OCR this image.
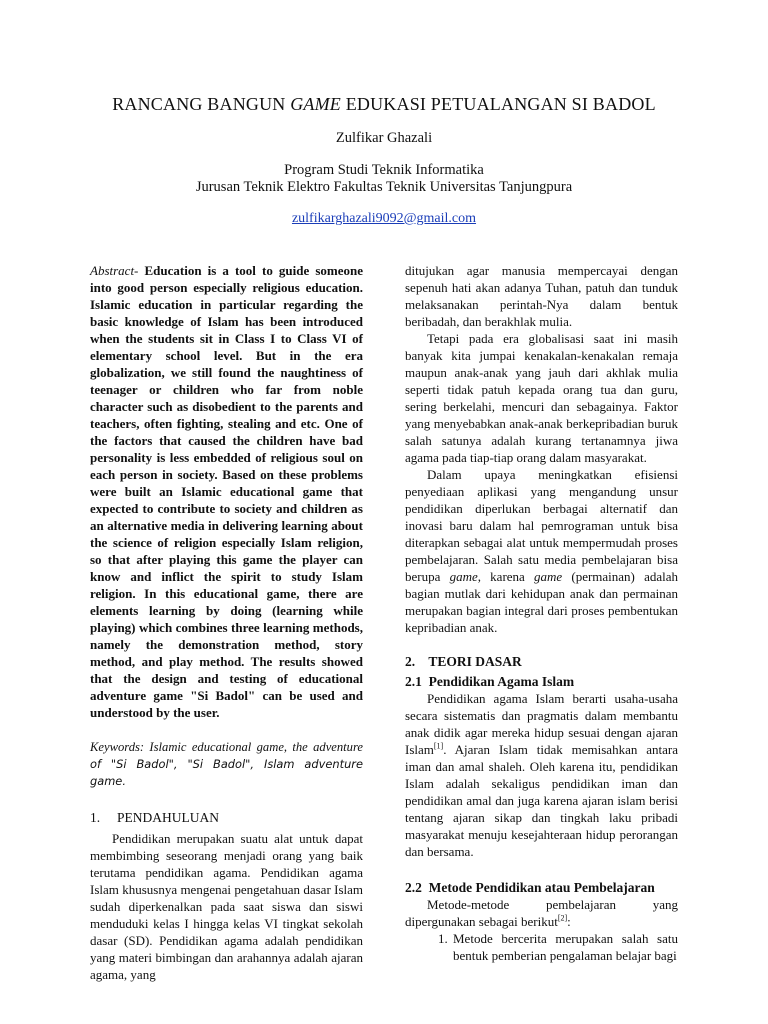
RANCANG BANGUN GAME EDUKASI PETUALANGAN SI BADOL
Zulfikar Ghazali
Program Studi Teknik Informatika
Jurusan Teknik Elektro Fakultas Teknik Universitas Tanjungpura
zulfikarghazali9092@gmail.com

Abstract- Education is a tool to guide someone into good person especially religious education. Islamic education in particular regarding the basic knowledge of Islam has been introduced when the students sit in Class I to Class VI of elementary school level. But in the era globalization, we still found the naughtiness of teenager or children who far from noble character such as disobedient to the parents and teachers, often fighting, stealing and etc. One of the factors that caused the children have bad personality is less embedded of religious soul on each person in society. Based on these problems were built an Islamic educational game that expected to contribute to society and children as an alternative media in delivering learning about the science of religion especially Islam religion, so that after playing this game the player can know and inflict the spirit to study Islam religion. In this educational game, there are elements learning by doing (learning while playing) which combines three learning methods, namely the demonstration method, story method, and play method. The results showed that the design and testing of educational adventure game "Si Badol" can be used and understood by the user.

Keywords: Islamic educational game, the adventure of "Si Badol", "Si Badol", Islam adventure game.

1.     PENDAHULUAN

Pendidikan merupakan suatu alat untuk dapat membimbing seseorang menjadi orang yang baik terutama pendidikan agama. Pendidikan agama Islam khususnya mengenai pengetahuan dasar Islam sudah diperkenalkan pada saat siswa dan siswi menduduki kelas I hingga kelas VI tingkat sekolah dasar (SD). Pendidikan agama adalah pendidikan yang materi bimbingan dan arahannya adalah ajaran agama, yang

ditujukan agar manusia mempercayai dengan sepenuh hati akan adanya Tuhan, patuh dan tunduk melaksanakan perintah-Nya dalam bentuk beribadah, dan berakhlak mulia.

Tetapi pada era globalisasi saat ini masih banyak kita jumpai kenakalan-kenakalan remaja maupun anak-anak yang jauh dari akhlak mulia seperti tidak patuh kepada orang tua dan guru, sering berkelahi, mencuri dan sebagainya. Faktor yang menyebabkan anak-anak berkepribadian buruk salah satunya adalah kurang tertanamnya jiwa agama pada tiap-tiap orang dalam masyarakat.

Dalam upaya meningkatkan efisiensi penyediaan aplikasi yang mengandung unsur pendidikan diperlukan berbagai alternatif dan inovasi baru dalam hal pemrograman untuk bisa diterapkan sebagai alat untuk mempermudah proses pembelajaran. Salah satu media pembelajaran bisa berupa game, karena game (permainan) adalah bagian mutlak dari kehidupan anak dan permainan merupakan bagian integral dari proses pembentukan kepribadian anak.

2.    TEORI DASAR

2.1  Pendidikan Agama Islam

Pendidikan agama Islam berarti usaha-usaha secara sistematis dan pragmatis dalam membantu anak didik agar mereka hidup sesuai dengan ajaran Islam[1]. Ajaran Islam tidak memisahkan antara iman dan amal shaleh. Oleh karena itu, pendidikan Islam adalah sekaligus pendidikan iman dan pendidikan amal dan juga karena ajaran islam berisi tentang ajaran sikap dan tingkah laku pribadi masyarakat menuju kesejahteraan hidup perorangan dan bersama.

2.2  Metode Pendidikan atau Pembelajaran

Metode-metode pembelajaran yang

dipergunakan sebagai berikut[2]:

1. Metode bercerita merupakan salah satu bentuk pemberian pengalaman belajar bagi
